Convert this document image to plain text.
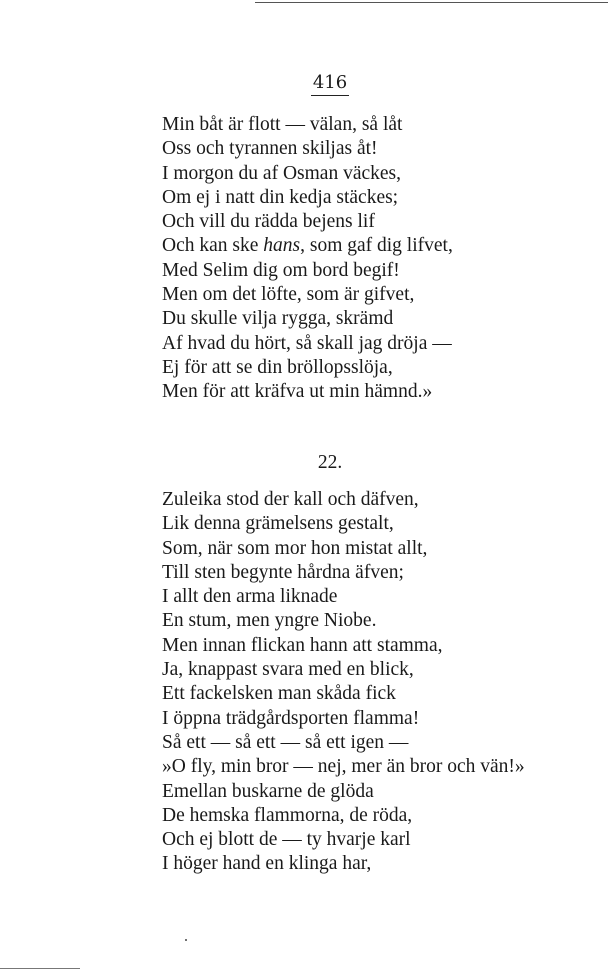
416
Min båt är flott — välan, så låt
Oss och tyrannen skiljas åt!
I morgon du af Osman väckes,
Om ej i natt din kedja stäckes;
Och vill du rädda bejens lif
Och kan ske hans, som gaf dig lifvet,
Med Selim dig om bord begif!
Men om det löfte, som är gifvet,
Du skulle vilja rygga, skrämd
Af hvad du hört, så skall jag dröja —
Ej för att se din bröllopsslöja,
Men för att kräfva ut min hämnd.»
22.
Zuleika stod der kall och däfven,
Lik denna grämelsens gestalt,
Som, när som mor hon mistat allt,
Till sten begynte hårdna äfven;
I allt den arma liknade
En stum, men yngre Niobe.
Men innan flickan hann att stamma,
Ja, knappast svara med en blick,
Ett fackelsken man skåda fick
I öppna trädgårdsporten flamma!
Så ett — så ett — så ett igen —
»O fly, min bror — nej, mer än bror och vän!»
Emellan buskarne de glöda
De hemska flammorna, de röda,
Och ej blott de — ty hvarje karl
I höger hand en klinga har,
